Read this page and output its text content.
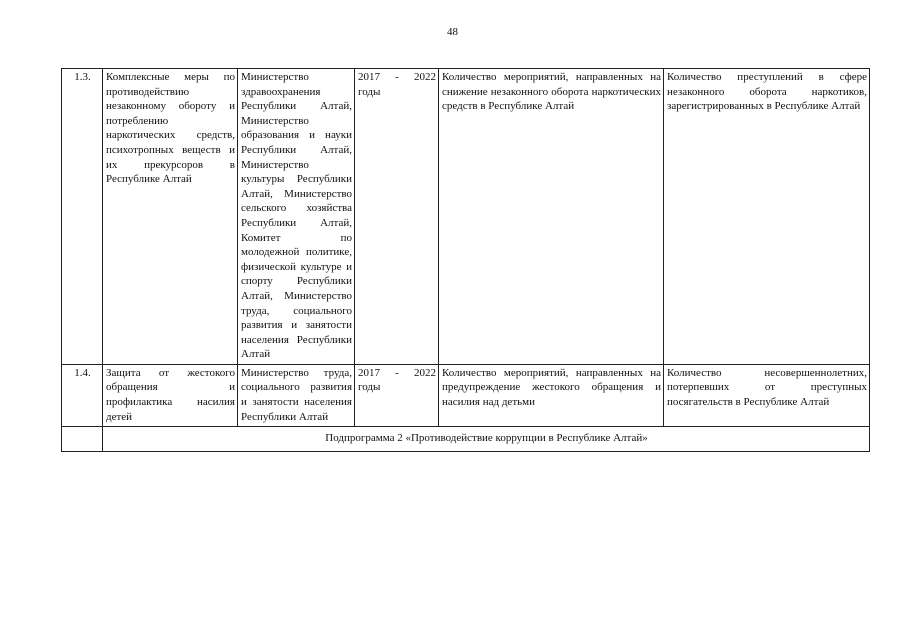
48
1.3.	Комплексные меры по противодействию незаконному обороту и потреблению наркотических средств, психотропных веществ и их прекурсоров в Республике Алтай	Министерство здравоохранения Республики Алтай, Министерство образования и науки Республики Алтай, Министерство культуры Республики Алтай, Министерство сельского хозяйства Республики Алтай, Комитет по молодежной политике, физической культуре и спорту Республики Алтай, Министерство труда, социального развития и занятости населения Республики Алтай	2017 - 2022 годы	Количество мероприятий, направленных на снижение незаконного оборота наркотических средств в Республике Алтай	Количество преступлений в сфере незаконного оборота наркотиков, зарегистрированных в Республике Алтай

1.4.	Защита от жестокого обращения и профилактика насилия детей	Министерство труда, социального развития и занятости населения Республики Алтай	2017 - 2022 годы	Количество мероприятий, направленных на предупреждение жестокого обращения и насилия над детьми	Количество несовершеннолетних, потерпевших от преступных посягательств в Республике Алтай

	Подпрограмма 2 «Противодействие коррупции в Республике Алтай»				
